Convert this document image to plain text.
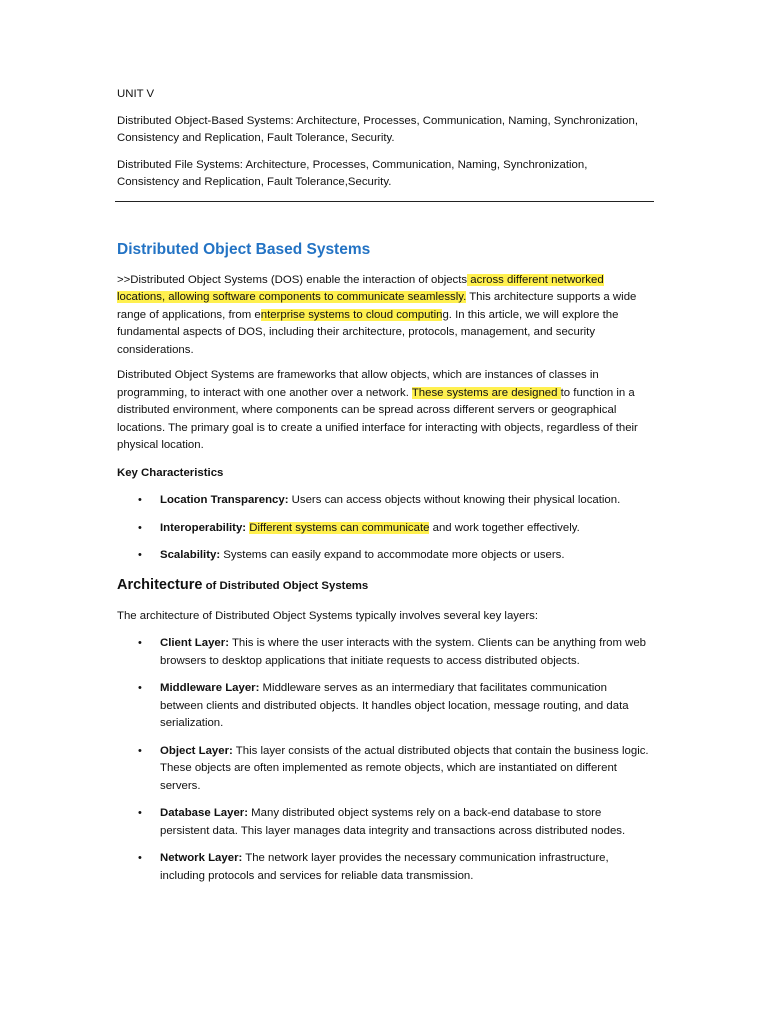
UNIT V
Distributed Object-Based Systems: Architecture, Processes, Communication, Naming, Synchronization, Consistency and Replication, Fault Tolerance, Security.
Distributed File Systems: Architecture, Processes, Communication, Naming, Synchronization, Consistency and Replication, Fault Tolerance,Security.
Distributed Object Based Systems

>>Distributed Object Systems (DOS) enable the interaction of objects across different networked locations, allowing software components to communicate seamlessly. This architecture supports a wide range of applications, from enterprise systems to cloud computing. In this article, we will explore the fundamental aspects of DOS, including their architecture, protocols, management, and security considerations.

Distributed Object Systems are frameworks that allow objects, which are instances of classes in programming, to interact with one another over a network. These systems are designed to function in a distributed environment, where components can be spread across different servers or geographical locations. The primary goal is to create a unified interface for interacting with objects, regardless of their physical location.

Key Characteristics
• Location Transparency: Users can access objects without knowing their physical location.
• Interoperability: Different systems can communicate and work together effectively.
• Scalability: Systems can easily expand to accommodate more objects or users.
Architecture of Distributed Object Systems
The architecture of Distributed Object Systems typically involves several key layers:
• Client Layer: This is where the user interacts with the system. Clients can be anything from web browsers to desktop applications that initiate requests to access distributed objects.
• Middleware Layer: Middleware serves as an intermediary that facilitates communication between clients and distributed objects. It handles object location, message routing, and data serialization.
• Object Layer: This layer consists of the actual distributed objects that contain the business logic. These objects are often implemented as remote objects, which are instantiated on different servers.
• Database Layer: Many distributed object systems rely on a back-end database to store persistent data. This layer manages data integrity and transactions across distributed nodes.
• Network Layer: The network layer provides the necessary communication infrastructure, including protocols and services for reliable data transmission.
